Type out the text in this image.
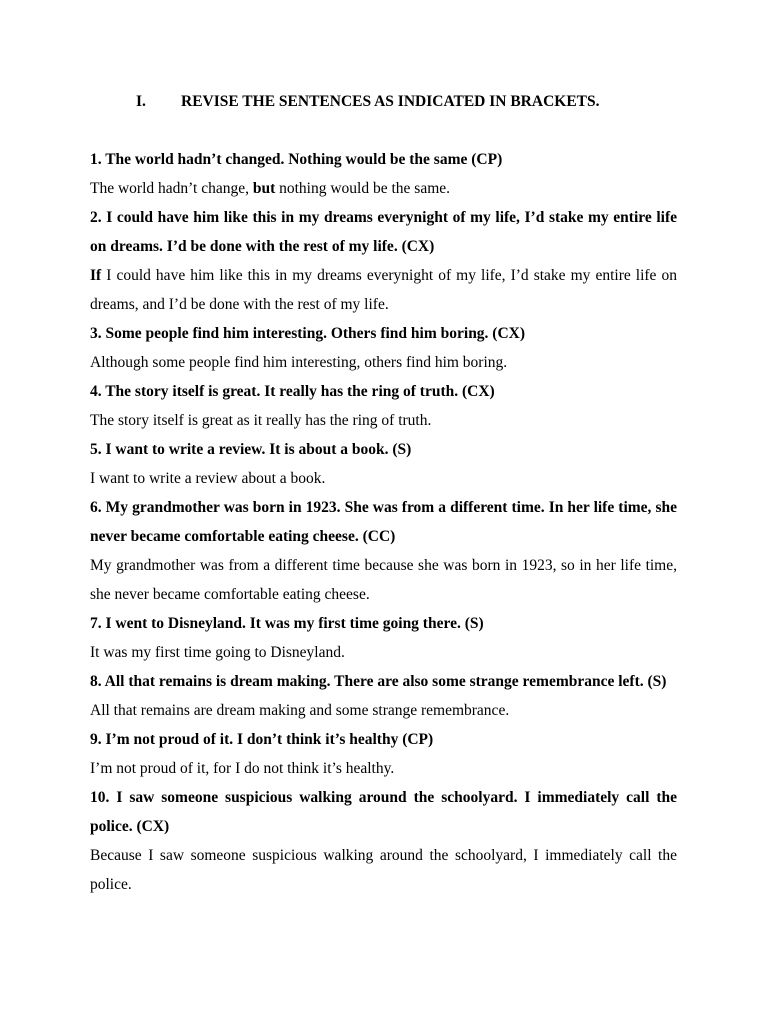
I. REVISE THE SENTENCES AS INDICATED IN BRACKETS.

1. The world hadn’t changed. Nothing would be the same (CP)

The world hadn’t change, but nothing would be the same.

2. I could have him like this in my dreams everynight of my life, I’d stake my entire life on dreams. I’d be done with the rest of my life. (CX)

If I could have him like this in my dreams everynight of my life, I’d stake my entire life on dreams, and I’d be done with the rest of my life.

3. Some people find him interesting. Others find him boring. (CX)

Although some people find him interesting, others find him boring.

4. The story itself is great. It really has the ring of truth. (CX)

The story itself is great as it really has the ring of truth.

5. I want to write a review. It is about a book. (S)

I want to write a review about a book.

6. My grandmother was born in 1923. She was from a different time. In her life time, she never became comfortable eating cheese. (CC)

My grandmother was from a different time because she was born in 1923, so in her life time, she never became comfortable eating cheese.

7. I went to Disneyland. It was my first time going there. (S)

It was my first time going to Disneyland.

8. All that remains is dream making. There are also some strange remembrance left. (S)

All that remains are dream making and some strange remembrance.

9. I’m not proud of it. I don’t think it’s healthy (CP)

I’m not proud of it, for I do not think it’s healthy.

10. I saw someone suspicious walking around the schoolyard. I immediately call the police. (CX)

Because I saw someone suspicious walking around the schoolyard, I immediately call the police.
